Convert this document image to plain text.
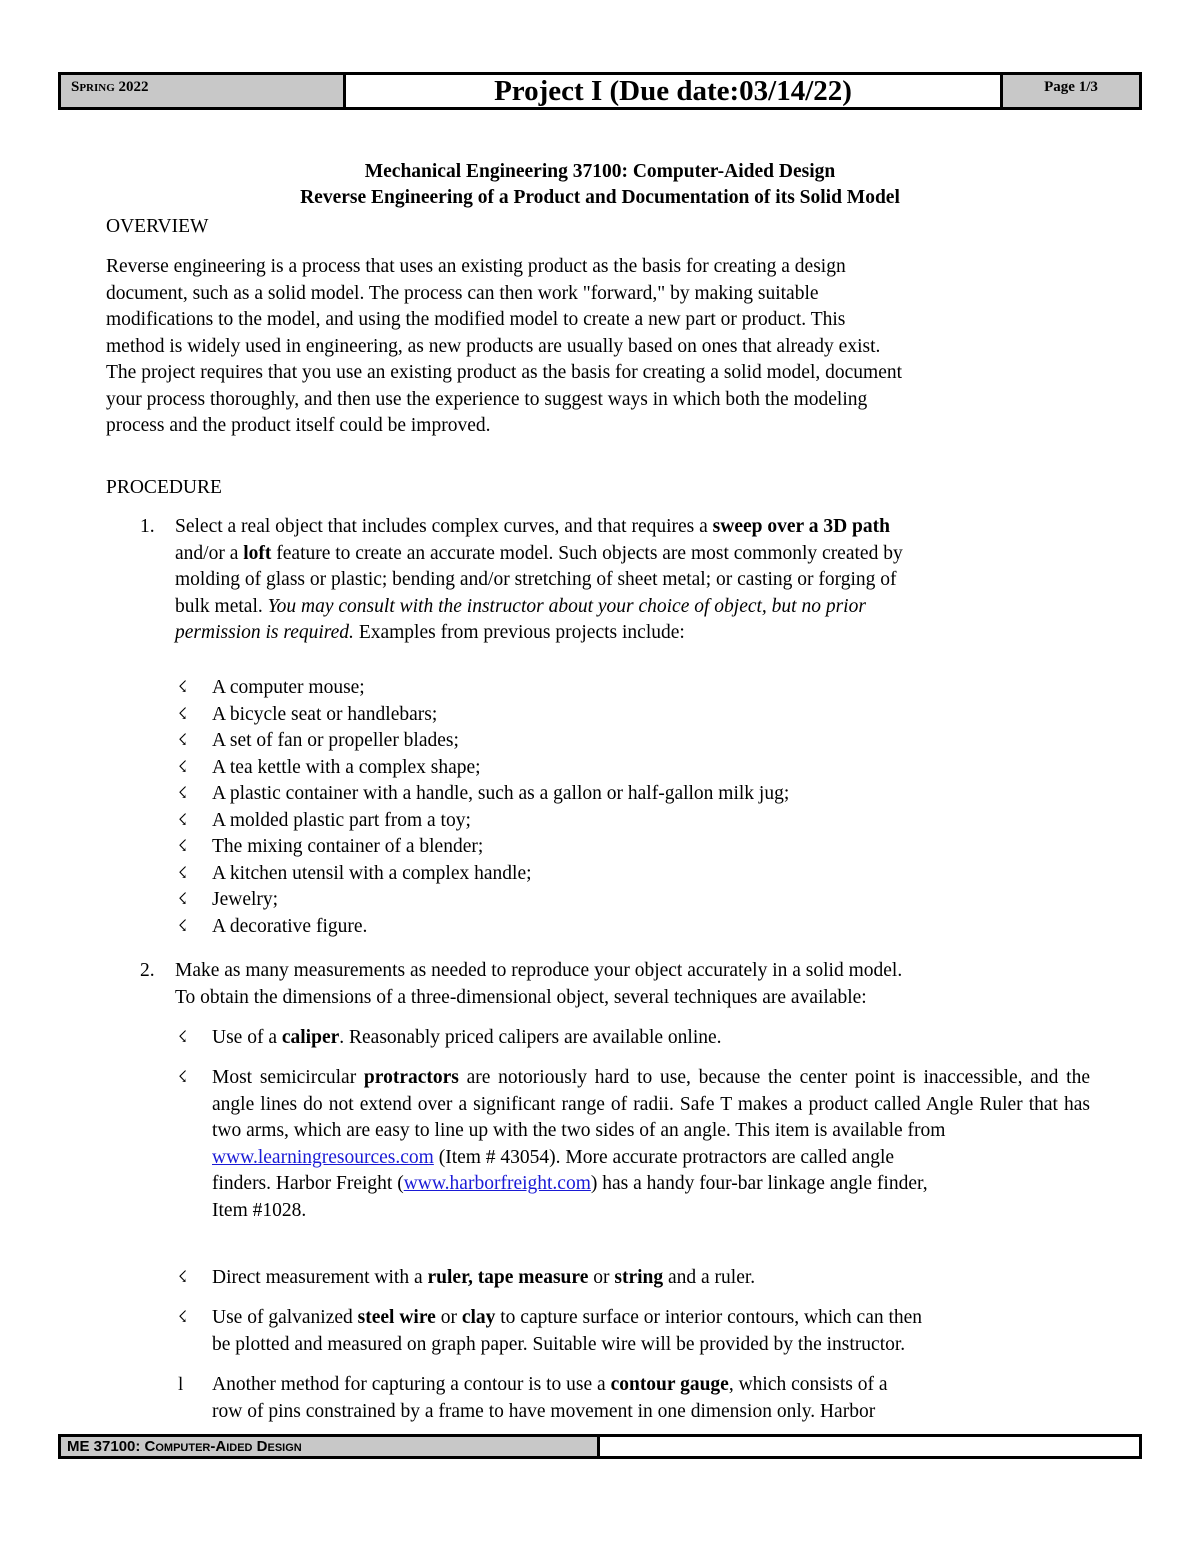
Spring 2022	Project I (Due date:03/14/22)	Page 1/3
Mechanical Engineering 37100: Computer-Aided Design
Reverse Engineering of a Product and Documentation of its Solid Model
OVERVIEW
Reverse engineering is a process that uses an existing product as the basis for creating a design
document, such as a solid model. The process can then work "forward," by making suitable
modifications to the model, and using the modified model to create a new part or product. This
method is widely used in engineering, as new products are usually based on ones that already exist.
The project requires that you use an existing product as the basis for creating a solid model, document
your process thoroughly, and then use the experience to suggest ways in which both the modeling
process and the product itself could be improved.
PROCEDURE
1. Select a real object that includes complex curves, and that requires a sweep over a 3D path
and/or a loft feature to create an accurate model. Such objects are most commonly created by
molding of glass or plastic; bending and/or stretching of sheet metal; or casting or forging of
bulk metal. You may consult with the instructor about your choice of object, but no prior
permission is required. Examples from previous projects include:
☇ A computer mouse;
☇ A bicycle seat or handlebars;
☇ A set of fan or propeller blades;
☇ A tea kettle with a complex shape;
☇ A plastic container with a handle, such as a gallon or half-gallon milk jug;
☇ A molded plastic part from a toy;
☇ The mixing container of a blender;
☇ A kitchen utensil with a complex handle;
☇ Jewelry;
☇ A decorative figure.
2. Make as many measurements as needed to reproduce your object accurately in a solid model.
To obtain the dimensions of a three-dimensional object, several techniques are available:
☇ Use of a caliper. Reasonably priced calipers are available online.
☇ Most semicircular protractors are notoriously hard to use, because the center point is inaccessible, and the angle lines do not extend over a significant range of radii. Safe T makes a product called Angle Ruler that has two arms, which are easy to line up with the two sides of an angle. This item is available from
www.learningresources.com (Item # 43054). More accurate protractors are called angle
finders. Harbor Freight (www.harborfreight.com) has a handy four-bar linkage angle finder,
Item #1028.
☇ Direct measurement with a ruler, tape measure or string and a ruler.
☇ Use of galvanized steel wire or clay to capture surface or interior contours, which can then
be plotted and measured on graph paper. Suitable wire will be provided by the instructor.
l	Another method for capturing a contour is to use a contour gauge, which consists of a
row of pins constrained by a frame to have movement in one dimension only. Harbor
ME 37100: Computer-Aided Design
